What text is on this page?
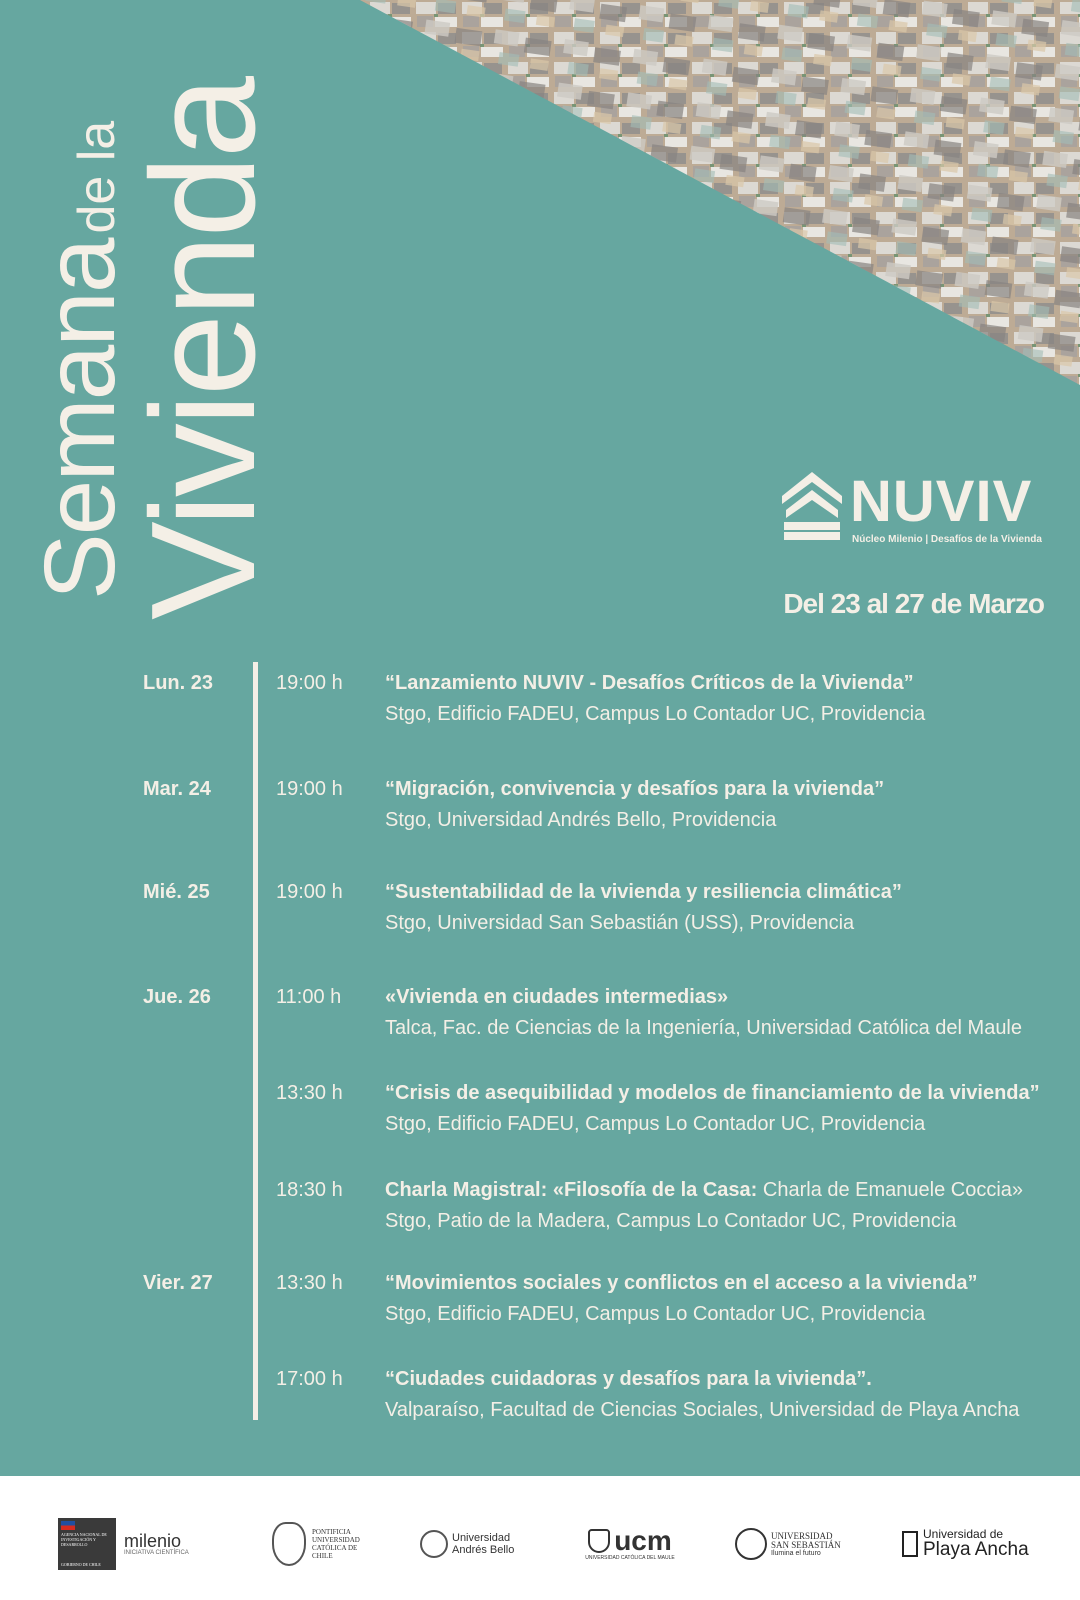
Semanade la
Vivienda	NUVIV
Núcleo Milenio | Desafíos de la Vivienda
Del 23 al 27 de Marzo
Lun. 23	19:00 h “Lanzamiento NUVIV - Desafíos Críticos de la Vivienda”
Stgo, Edificio FADEU, Campus Lo Contador UC, Providencia
Mar. 24	19:00 h “Migración, convivencia y desafíos para la vivienda”
Stgo, Universidad Andrés Bello, Providencia
Mié. 25	19:00 h “Sustentabilidad de la vivienda y resiliencia climática”
Stgo, Universidad San Sebastián (USS), Providencia
Jue. 26	11:00 h «Vivienda en ciudades intermedias»
Talca, Fac. de Ciencias de la Ingeniería, Universidad Católica del Maule
13:30 h “Crisis de asequibilidad y modelos de financiamiento de la vivienda”
Stgo, Edificio FADEU, Campus Lo Contador UC, Providencia
18:30 h Charla Magistral: «Filosofía de la Casa: Charla de Emanuele Coccia»
Stgo, Patio de la Madera, Campus Lo Contador UC, Providencia
Vier. 27	13:30 h “Movimientos sociales y conflictos en el acceso a la vivienda”
Stgo, Edificio FADEU, Campus Lo Contador UC, Providencia
17:00 h “Ciudades cuidadoras y desafíos para la vivienda”.
Valparaíso, Facultad de Ciencias Sociales, Universidad de Playa Ancha
AGENCIA NACIONAL DE INVESTIGACIÓN Y DESARROLLO
GOBIERNO DE CHILE
milenio
INICIATIVA CIENTÍFICA
PONTIFICIA UNIVERSIDAD CATÓLICA DE CHILE
Universidad Andrés Bello	ucm
UNIVERSIDAD CATÓLICA DEL MAULE
UNIVERSIDAD SAN SEBASTIÁN
Ilumina el futuro
Universidad de
Playa Ancha
